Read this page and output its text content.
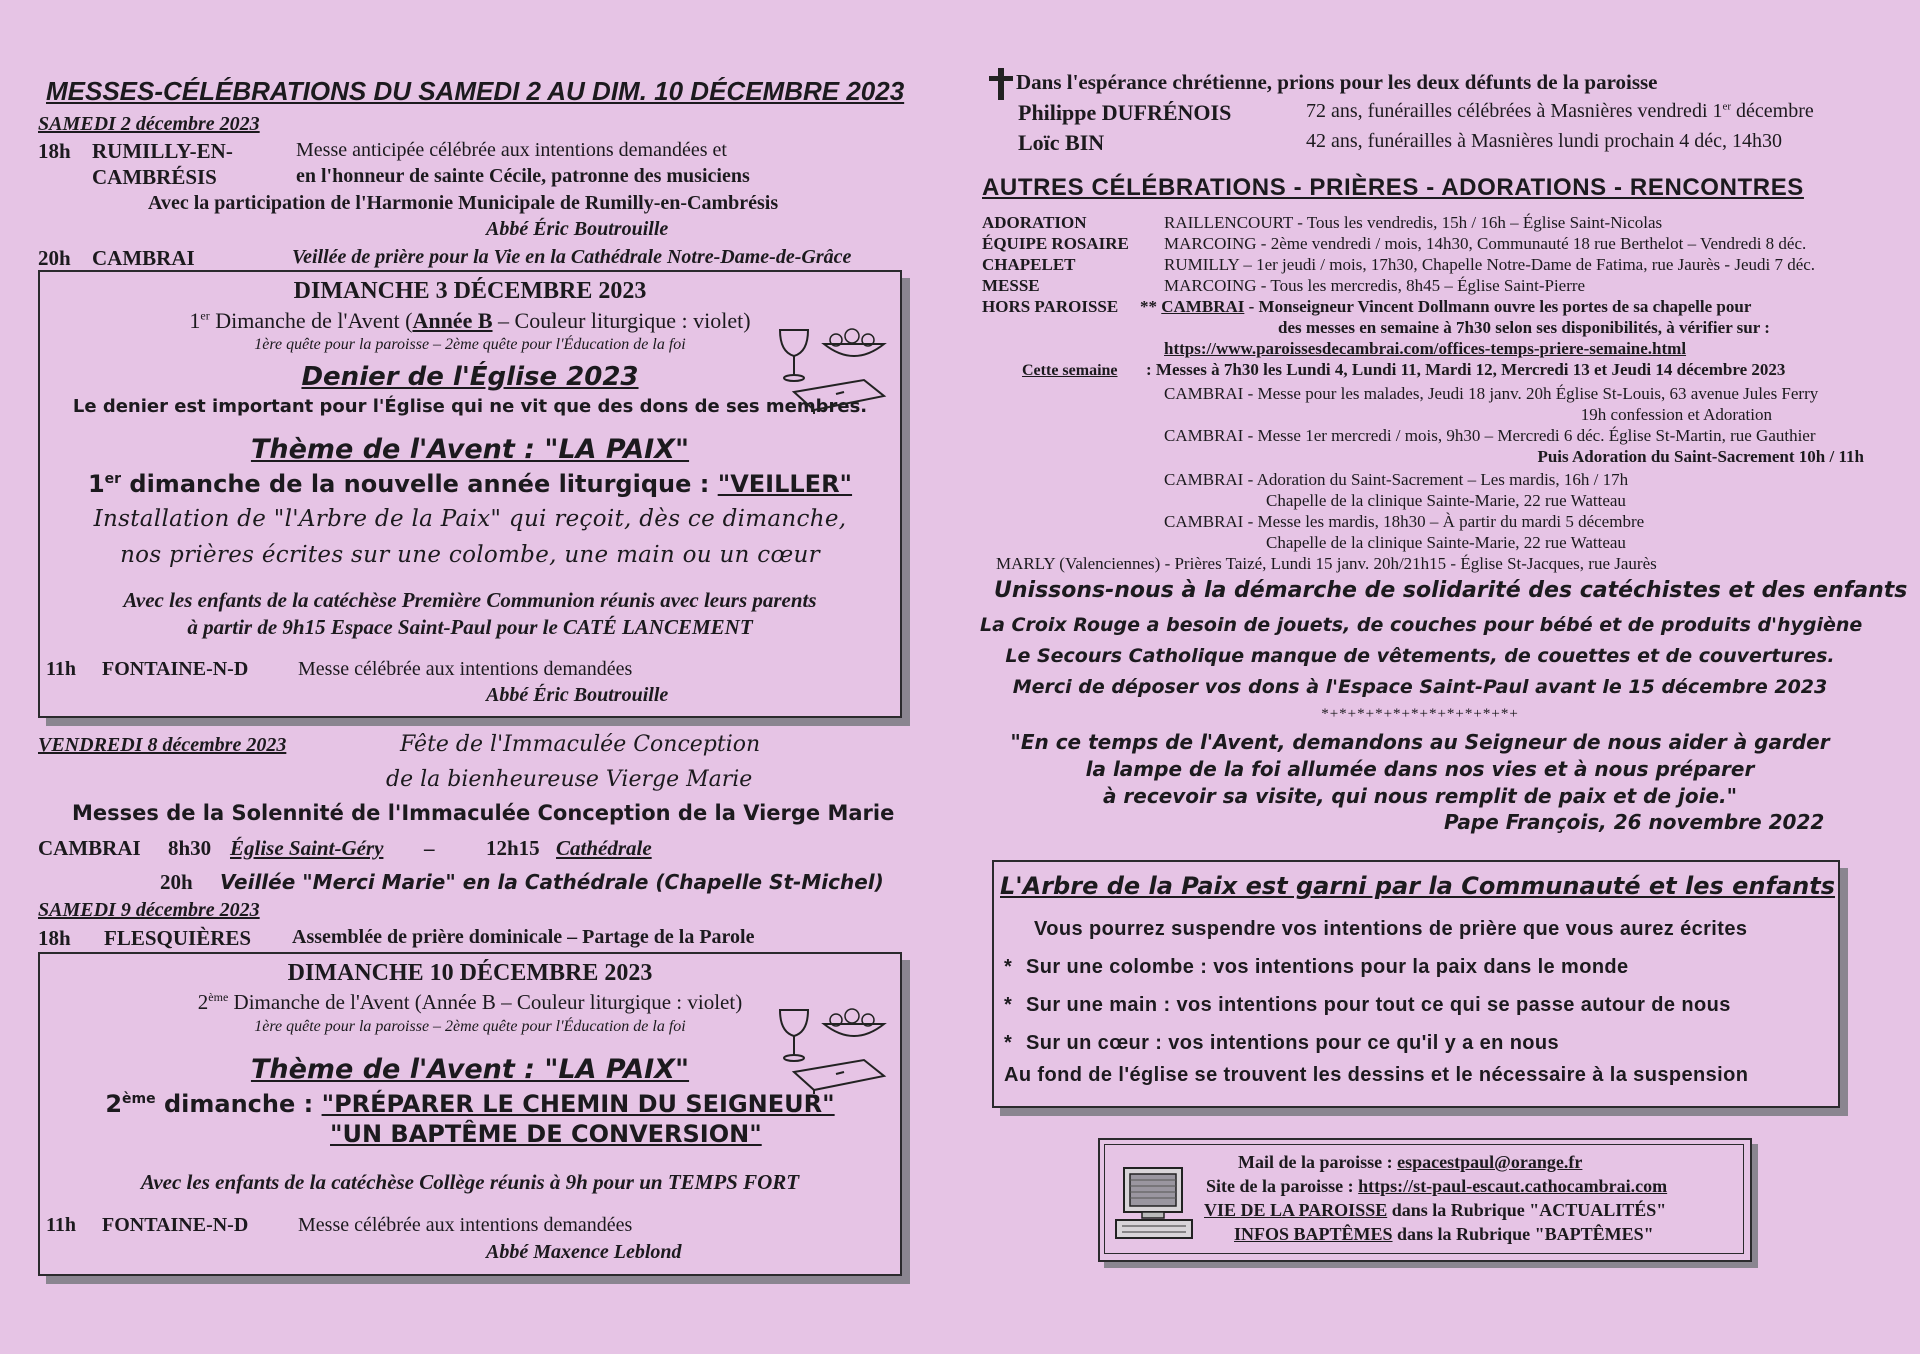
MESSES-CÉLÉBRATIONS DU SAMEDI 2 AU DIM. 10 DÉCEMBRE 2023
SAMEDI 2 décembre 2023
18h RUMILLY-EN-
CAMBRÉSIS
Messe anticipée célébrée aux intentions demandées et
en l'honneur de sainte Cécile, patronne des musiciens
Avec la participation de l'Harmonie Municipale de Rumilly-en-Cambrésis
Abbé Éric Boutrouille
20h CAMBRAI	Veillée de prière pour la Vie en la Cathédrale Notre-Dame-de-Grâce
DIMANCHE 3 DÉCEMBRE 2023
1er Dimanche de l'Avent (Année B – Couleur liturgique : violet)
1ère quête pour la paroisse – 2ème quête pour l'Éducation de la foi
Denier de l'Église 2023
Le denier est important pour l'Église qui ne vit que des dons de ses membres.
Thème de l'Avent : "LA PAIX"
1er dimanche de la nouvelle année liturgique : "VEILLER"
Installation de "l'Arbre de la Paix" qui reçoit, dès ce dimanche,
nos prières écrites sur une colombe, une main ou un cœur
Avec les enfants de la catéchèse Première Communion réunis avec leurs parents
à partir de 9h15 Espace Saint-Paul pour le CATÉ LANCEMENT
11h FONTAINE-N-D Messe célébrée aux intentions demandées
Abbé Éric Boutrouille
VENDREDI 8 décembre 2023	Fête de l'Immaculée Conception
de la bienheureuse Vierge Marie
Messes de la Solennité de l'Immaculée Conception de la Vierge Marie
CAMBRAI 8h30 Église Saint-Géry – 12h15 Cathédrale
20h Veillée "Merci Marie" en la Cathédrale (Chapelle St-Michel)
SAMEDI 9 décembre 2023
18h FLESQUIÈRES Assemblée de prière dominicale – Partage de la Parole
DIMANCHE 10 DÉCEMBRE 2023
2ème Dimanche de l'Avent (Année B – Couleur liturgique : violet)
1ère quête pour la paroisse – 2ème quête pour l'Éducation de la foi
Thème de l'Avent : "LA PAIX"
2ème dimanche : "PRÉPARER LE CHEMIN DU SEIGNEUR"
"UN BAPTÊME DE CONVERSION"
Avec les enfants de la catéchèse Collège réunis à 9h pour un TEMPS FORT
11h FONTAINE-N-D Messe célébrée aux intentions demandées
Abbé Maxence Leblond
Dans l'espérance chrétienne, prions pour les deux défunts de la paroisse
Philippe DUFRÉNOIS	72 ans, funérailles célébrées à Masnières vendredi 1er décembre
Loïc BIN	42 ans, funérailles à Masnières lundi prochain 4 déc, 14h30
AUTRES CÉLÉBRATIONS - PRIÈRES - ADORATIONS - RENCONTRES
ADORATION	RAILLENCOURT - Tous les vendredis, 15h / 16h – Église Saint-Nicolas
ÉQUIPE ROSAIRE MARCOING - 2ème vendredi / mois, 14h30, Communauté 18 rue Berthelot – Vendredi 8 déc.
CHAPELET	RUMILLY – 1er jeudi / mois, 17h30, Chapelle Notre-Dame de Fatima, rue Jaurès - Jeudi 7 déc.
MESSE	MARCOING - Tous les mercredis, 8h45 – Église Saint-Pierre
HORS PAROISSE ** CAMBRAI - Monseigneur Vincent Dollmann ouvre les portes de sa chapelle pour
des messes en semaine à 7h30 selon ses disponibilités, à vérifier sur :
https://www.paroissesdecambrai.com/offices-temps-priere-semaine.html
Cette semaine : Messes à 7h30 les Lundi 4, Lundi 11, Mardi 12, Mercredi 13 et Jeudi 14 décembre 2023
CAMBRAI - Messe pour les malades, Jeudi 18 janv. 20h Église St-Louis, 63 avenue Jules Ferry
19h confession et Adoration
CAMBRAI - Messe 1er mercredi / mois, 9h30 – Mercredi 6 déc. Église St-Martin, rue Gauthier
Puis Adoration du Saint-Sacrement 10h / 11h
CAMBRAI - Adoration du Saint-Sacrement – Les mardis, 16h / 17h
Chapelle de la clinique Sainte-Marie, 22 rue Watteau
CAMBRAI - Messe les mardis, 18h30 – À partir du mardi 5 décembre
Chapelle de la clinique Sainte-Marie, 22 rue Watteau
MARLY (Valenciennes) - Prières Taizé, Lundi 15 janv. 20h/21h15 - Église St-Jacques, rue Jaurès
Unissons-nous à la démarche de solidarité des catéchistes et des enfants
La Croix Rouge a besoin de jouets, de couches pour bébé et de produits d'hygiène
Le Secours Catholique manque de vêtements, de couettes et de couvertures.
Merci de déposer vos dons à l'Espace Saint-Paul avant le 15 décembre 2023
*+*+*+*+*+*+*+*+*+*+*+
"En ce temps de l'Avent, demandons au Seigneur de nous aider à garder
la lampe de la foi allumée dans nos vies et à nous préparer
à recevoir sa visite, qui nous remplit de paix et de joie."
Pape François, 26 novembre 2022
L'Arbre de la Paix est garni par la Communauté et les enfants
Vous pourrez suspendre vos intentions de prière que vous aurez écrites
* Sur une colombe : vos intentions pour la paix dans le monde
* Sur une main : vos intentions pour tout ce qui se passe autour de nous
* Sur un cœur : vos intentions pour ce qu'il y a en nous
Au fond de l'église se trouvent les dessins et le nécessaire à la suspension
Mail de la paroisse : espacestpaul@orange.fr
Site de la paroisse : https://st-paul-escaut.cathocambrai.com
VIE DE LA PAROISSE dans la Rubrique "ACTUALITÉS"
INFOS BAPTÊMES dans la Rubrique "BAPTÊMES"
